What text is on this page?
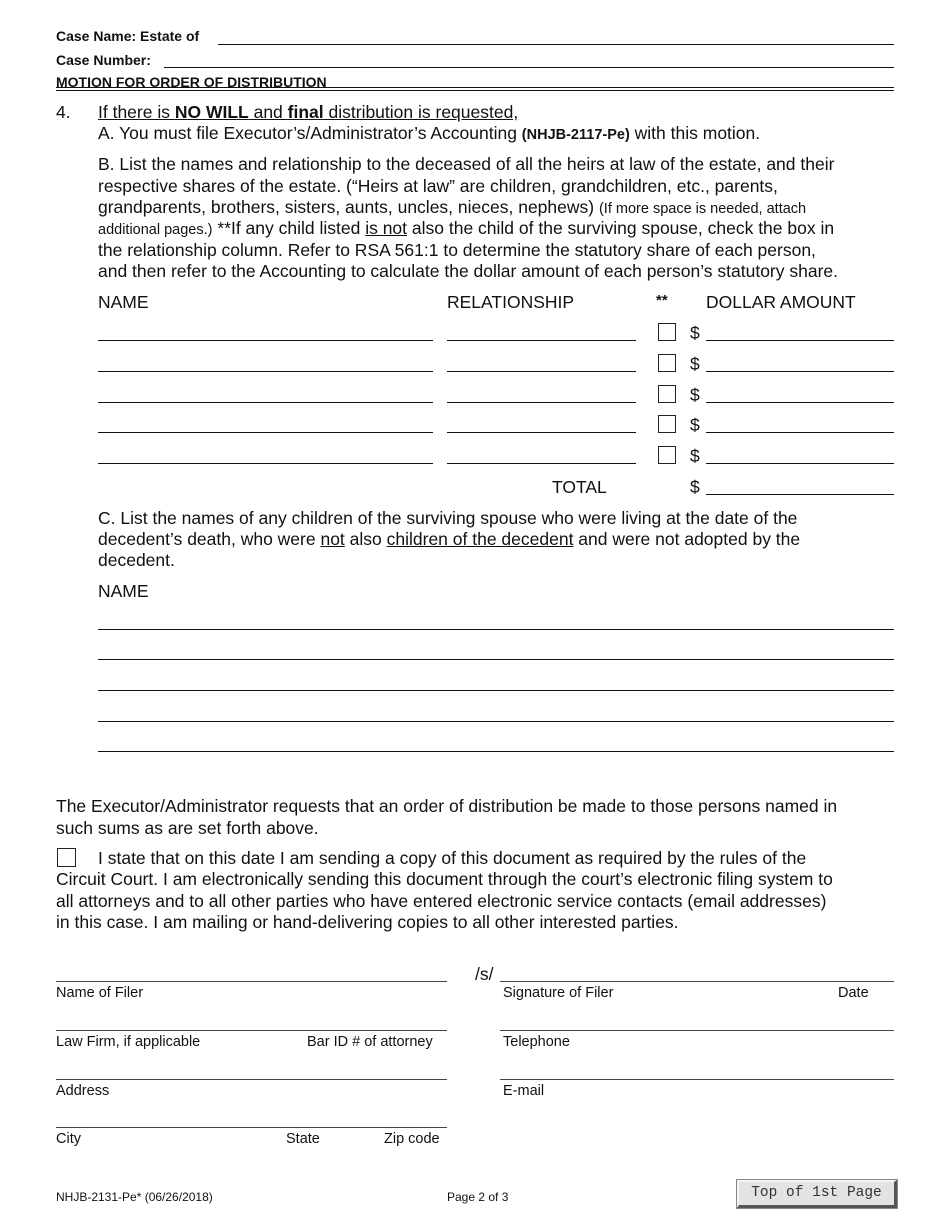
Case Name: Estate of
Case Number:
MOTION FOR ORDER OF DISTRIBUTION
4. If there is NO WILL and final distribution is requested,
A. You must file Executor’s/Administrator’s Accounting (NHJB-2117-Pe) with this motion.
B. List the names and relationship to the deceased of all the heirs at law of the estate, and their
respective shares of the estate. (“Heirs at law” are children, grandchildren, etc., parents,
grandparents, brothers, sisters, aunts, uncles, nieces, nephews) (If more space is needed, attach
additional pages.) **If any child listed is not also the child of the surviving spouse, check the box in
the relationship column. Refer to RSA 561:1 to determine the statutory share of each person,
and then refer to the Accounting to calculate the dollar amount of each person’s statutory share.
NAME	RELATIONSHIP	** DOLLAR AMOUNT
$
$
$
$
$
TOTAL	$
C. List the names of any children of the surviving spouse who were living at the date of the
decedent’s death, who were not also children of the decedent and were not adopted by the
decedent.
NAME
The Executor/Administrator requests that an order of distribution be made to those persons named in
such sums as are set forth above.
I state that on this date I am sending a copy of this document as required by the rules of the
Circuit Court. I am electronically sending this document through the court’s electronic filing system to
all attorneys and to all other parties who have entered electronic service contacts (email addresses)
in this case. I am mailing or hand-delivering copies to all other interested parties.
/s/
Name of Filer	Signature of Filer	Date
Law Firm, if applicable	Bar ID # of attorney	Telephone
Address	E-mail
City	State	Zip code
NHJB-2131-Pe* (06/26/2018)	Page 2 of 3	Top of 1st Page
